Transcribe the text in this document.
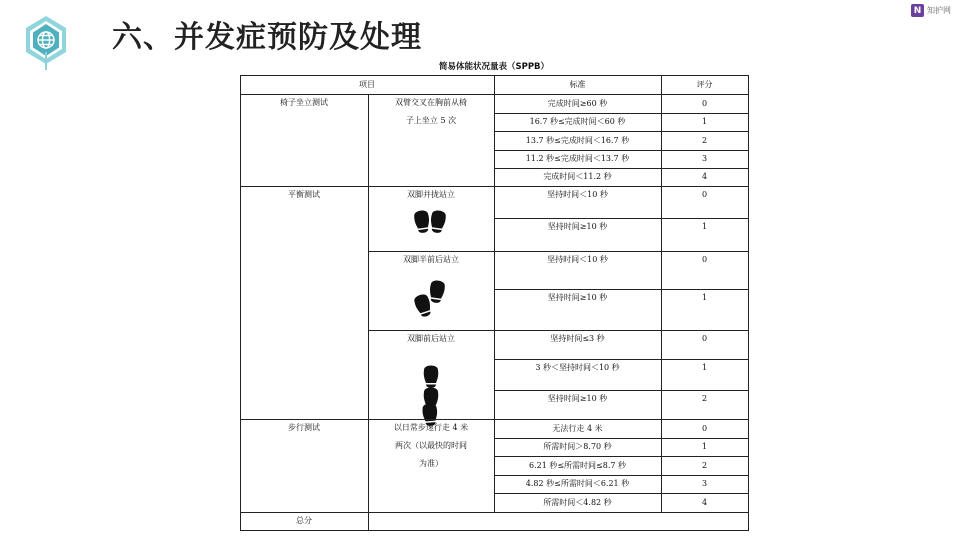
六、并发症预防及处理
N 知护网
简易体能状况量表（SPPB）
项目	标准	评分
椅子坐立测试	双臂交叉在胸前从椅
子上坐立 5 次
完成时间≥60 秒	0
16.7 秒≤完成时间＜60 秒	1
13.7 秒≤完成时间＜16.7 秒	2
11.2 秒≤完成时间＜13.7 秒	3
完成时间＜11.2 秒	4
平衡测试	双脚并拢站立	坚持时间＜10 秒	0
坚持时间≥10 秒	1
双脚半前后站立	坚持时间＜10 秒	0
坚持时间≥10 秒	1
双脚前后站立	坚持时间≤3 秒	0
3 秒＜坚持时间＜10 秒	1
坚持时间≥10 秒	2
步行测试	以日常步速行走 4 米
两次（以最快的时间
为准）
无法行走 4 米	0
所需时间＞8.70 秒	1
6.21 秒≤所需时间≤8.7 秒	2
4.82 秒≤所需时间＜6.21 秒	3
所需时间＜4.82 秒	4
总分
